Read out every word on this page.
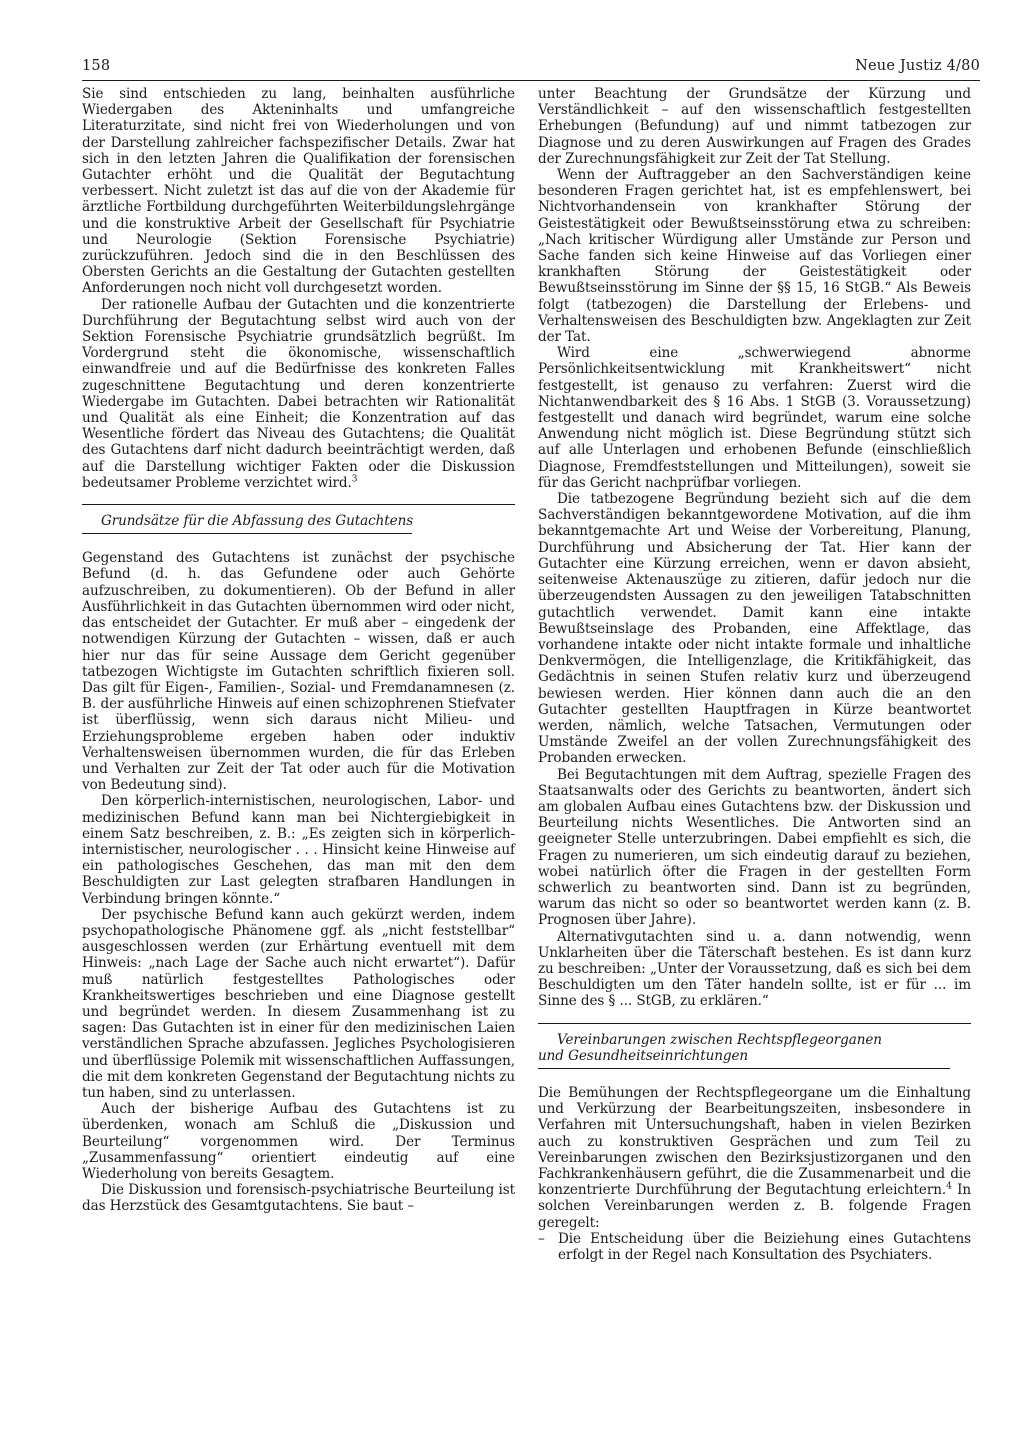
158	Neue Justiz 4/80

Sie sind entschieden zu lang, beinhalten ausführliche Wiedergaben des Akteninhalts und umfangreiche Literaturzitate, sind nicht frei von Wiederholungen und von der Darstellung zahlreicher fachspezifischer Details. Zwar hat sich in den letzten Jahren die Qualifikation der forensischen Gutachter erhöht und die Qualität der Begutachtung verbessert. Nicht zuletzt ist das auf die von der Akademie für ärztliche Fortbildung durchgeführten Weiterbildungslehrgänge und die konstruktive Arbeit der Gesellschaft für Psychiatrie und Neurologie (Sektion Forensische Psychiatrie) zurückzuführen. Jedoch sind die in den Beschlüssen des Obersten Gerichts an die Gestaltung der Gutachten gestellten Anforderungen noch nicht voll durchgesetzt worden.

Der rationelle Aufbau der Gutachten und die konzentrierte Durchführung der Begutachtung selbst wird auch von der Sektion Forensische Psychiatrie grundsätzlich begrüßt. Im Vordergrund steht die ökonomische, wissenschaftlich einwandfreie und auf die Bedürfnisse des konkreten Falles zugeschnittene Begutachtung und deren konzentrierte Wiedergabe im Gutachten. Dabei betrachten wir Rationalität und Qualität als eine Einheit; die Konzentration auf das Wesentliche fördert das Niveau des Gutachtens; die Qualität des Gutachtens darf nicht dadurch beeinträchtigt werden, daß auf die Darstellung wichtiger Fakten oder die Diskussion bedeutsamer Probleme verzichtet wird.$^3$

Grundsätze für die Abfassung des Gutachtens

Gegenstand des Gutachtens ist zunächst der psychische Befund (d. h. das Gefundene oder auch Gehörte aufzuschreiben, zu dokumentieren). Ob der Befund in aller Ausführlichkeit in das Gutachten übernommen wird oder nicht, das entscheidet der Gutachter. Er muß aber – eingedenk der notwendigen Kürzung der Gutachten – wissen, daß er auch hier nur das für seine Aussage dem Gericht gegenüber tatbezogen Wichtigste im Gutachten schriftlich fixieren soll. Das gilt für Eigen-, Familien-, Sozial- und Fremdanamnesen (z. B. der ausführliche Hinweis auf einen schizophrenen Stiefvater ist überflüssig, wenn sich daraus nicht Milieu- und Erziehungsprobleme ergeben haben oder induktiv Verhaltensweisen übernommen wurden, die für das Erleben und Verhalten zur Zeit der Tat oder auch für die Motivation von Bedeutung sind).

Den körperlich-internistischen, neurologischen, Labor- und medizinischen Befund kann man bei Nichtergiebigkeit in einem Satz beschreiben, z. B.: „Es zeigten sich in körperlich-internistischer, neurologischer . . . Hinsicht keine Hinweise auf ein pathologisches Geschehen, das man mit den dem Beschuldigten zur Last gelegten strafbaren Handlungen in Verbindung bringen könnte.“

Der psychische Befund kann auch gekürzt werden, indem psychopathologische Phänomene ggf. als „nicht feststellbar“ ausgeschlossen werden (zur Erhärtung eventuell mit dem Hinweis: „nach Lage der Sache auch nicht erwartet“). Dafür muß natürlich festgestelltes Pathologisches oder Krankheitswertiges beschrieben und eine Diagnose gestellt und begründet werden. In diesem Zusammenhang ist zu sagen: Das Gutachten ist in einer für den medizinischen Laien verständlichen Sprache abzufassen. Jegliches Psychologisieren und überflüssige Polemik mit wissenschaftlichen Auffassungen, die mit dem konkreten Gegenstand der Begutachtung nichts zu tun haben, sind zu unterlassen.

Auch der bisherige Aufbau des Gutachtens ist zu überdenken, wonach am Schluß die „Diskussion und Beurteilung“ vorgenommen wird. Der Terminus „Zusammenfassung“ orientiert eindeutig auf eine Wiederholung von bereits Gesagtem.

Die Diskussion und forensisch-psychiatrische Beurteilung ist das Herzstück des Gesamtgutachtens. Sie baut –

unter Beachtung der Grundsätze der Kürzung und Verständlichkeit – auf den wissenschaftlich festgestellten Erhebungen (Befundung) auf und nimmt tatbezogen zur Diagnose und zu deren Auswirkungen auf Fragen des Grades der Zurechnungsfähigkeit zur Zeit der Tat Stellung.

Wenn der Auftraggeber an den Sachverständigen keine besonderen Fragen gerichtet hat, ist es empfehlenswert, bei Nichtvorhandensein von krankhafter Störung der Geistestätigkeit oder Bewußtseinsstörung etwa zu schreiben: „Nach kritischer Würdigung aller Umstände zur Person und Sache fanden sich keine Hinweise auf das Vorliegen einer krankhaften Störung der Geistestätigkeit oder Bewußtseinsstörung im Sinne der §§ 15, 16 StGB.“ Als Beweis folgt (tatbezogen) die Darstellung der Erlebens- und Verhaltensweisen des Beschuldigten bzw. Angeklagten zur Zeit der Tat.

Wird eine „schwerwiegend abnorme Persönlichkeitsentwicklung mit Krankheitswert“ nicht festgestellt, ist genauso zu verfahren: Zuerst wird die Nichtanwendbarkeit des § 16 Abs. 1 StGB (3. Voraussetzung) festgestellt und danach wird begründet, warum eine solche Anwendung nicht möglich ist. Diese Begründung stützt sich auf alle Unterlagen und erhobenen Befunde (einschließlich Diagnose, Fremdfeststellungen und Mitteilungen), soweit sie für das Gericht nachprüfbar vorliegen.

Die tatbezogene Begründung bezieht sich auf die dem Sachverständigen bekanntgewordene Motivation, auf die ihm bekanntgemachte Art und Weise der Vorbereitung, Planung, Durchführung und Absicherung der Tat. Hier kann der Gutachter eine Kürzung erreichen, wenn er davon absieht, seitenweise Aktenauszüge zu zitieren, dafür jedoch nur die überzeugendsten Aussagen zu den jeweiligen Tatabschnitten gutachtlich verwendet. Damit kann eine intakte Bewußtseinslage des Probanden, eine Affektlage, das vorhandene intakte oder nicht intakte formale und inhaltliche Denkvermögen, die Intelligenzlage, die Kritikfähigkeit, das Gedächtnis in seinen Stufen relativ kurz und überzeugend bewiesen werden. Hier können dann auch die an den Gutachter gestellten Hauptfragen in Kürze beantwortet werden, nämlich, welche Tatsachen, Vermutungen oder Umstände Zweifel an der vollen Zurechnungsfähigkeit des Probanden erwecken.

Bei Begutachtungen mit dem Auftrag, spezielle Fragen des Staatsanwalts oder des Gerichts zu beantworten, ändert sich am globalen Aufbau eines Gutachtens bzw. der Diskussion und Beurteilung nichts Wesentliches. Die Antworten sind an geeigneter Stelle unterzubringen. Dabei empfiehlt es sich, die Fragen zu numerieren, um sich eindeutig darauf zu beziehen, wobei natürlich öfter die Fragen in der gestellten Form schwerlich zu beantworten sind. Dann ist zu begründen, warum das nicht so oder so beantwortet werden kann (z. B. Prognosen über Jahre).

Alternativgutachten sind u. a. dann notwendig, wenn Unklarheiten über die Täterschaft bestehen. Es ist dann kurz zu beschreiben: „Unter der Voraussetzung, daß es sich bei dem Beschuldigten um den Täter handeln sollte, ist er für ... im Sinne des § ... StGB, zu erklären.“

Vereinbarungen zwischen Rechtspflegeorganen
und Gesundheitseinrichtungen

Die Bemühungen der Rechtspflegeorgane um die Einhaltung und Verkürzung der Bearbeitungszeiten, insbesondere in Verfahren mit Untersuchungshaft, haben in vielen Bezirken auch zu konstruktiven Gesprächen und zum Teil zu Vereinbarungen zwischen den Bezirksjustizorganen und den Fachkrankenhäusern geführt, die die Zusammenarbeit und die konzentrierte Durchführung der Begutachtung erleichtern.$^4$ In solchen Vereinbarungen werden z. B. folgende Fragen geregelt:

– Die Entscheidung über die Beiziehung eines Gutachtens erfolgt in der Regel nach Konsultation des Psychiaters.
